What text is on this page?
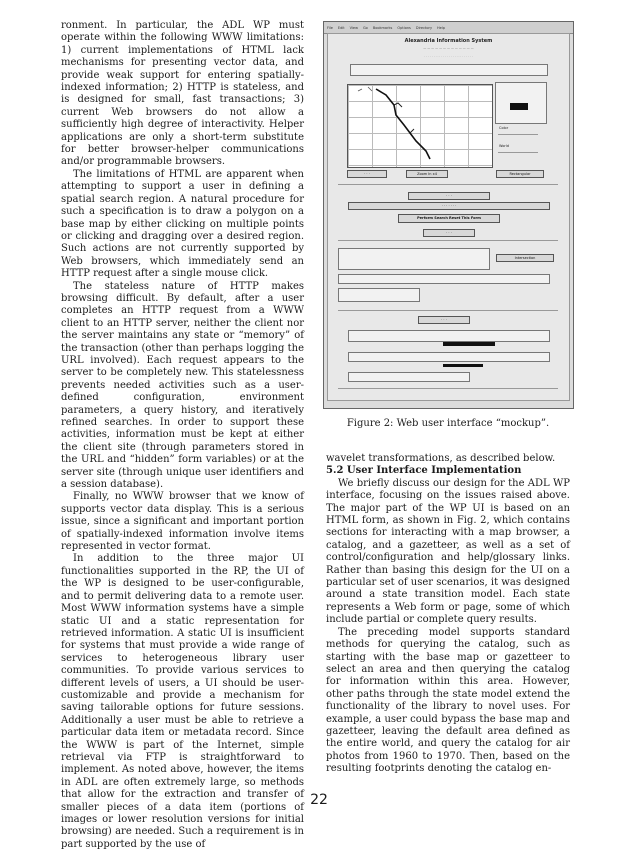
ronment. In particular, the ADL WP must operate within the following WWW limitations: 1) current implementations of HTML lack mechanisms for presenting vector data, and provide weak support for entering spatially-indexed information; 2) HTTP is stateless, and is designed for small, fast transactions; 3) current Web browsers do not allow a sufficiently high degree of interactivity. Helper applications are only a short-term substitute for better browser-helper communications and/or programmable browsers.

The limitations of HTML are apparent when attempting to support a user in defining a spatial search region. A natural procedure for such a specification is to draw a polygon on a base map by either clicking on multiple points or clicking and dragging over a desired region. Such actions are not currently supported by Web browsers, which immediately send an HTTP request after a single mouse click.

The stateless nature of HTTP makes browsing difficult. By default, after a user completes an HTTP request from a WWW client to an HTTP server, neither the client nor the server maintains any state or “memory” of the transaction (other than perhaps logging the URL involved). Each request appears to the server to be completely new. This statelessness prevents needed activities such as a user-defined configuration, environment parameters, a query history, and iteratively refined searches. In order to support these activities, information must be kept at either the client site (through parameters stored in the URL and “hidden” form variables) or at the server site (through unique user identifiers and a session database).

Finally, no WWW browser that we know of supports vector data display. This is a serious issue, since a significant and important portion of spatially-indexed information involve items represented in vector format.

In addition to the three major UI functionalities supported in the RP, the UI of the WP is designed to be user-configurable, and to permit delivering data to a remote user. Most WWW information systems have a simple static UI and a static representation for retrieved information. A static UI is insufficient for systems that must provide a wide range of services to heterogeneous library user communities. To provide various services to different levels of users, a UI should be user-customizable and provide a mechanism for saving tailorable options for future sessions. Additionally a user must be able to retrieve a particular data item or metadata record. Since the WWW is part of the Internet, simple retrieval via FTP is straightforward to implement. As noted above, however, the items in ADL are often extremely large, so methods that allow for the extraction and transfer of smaller pieces of a data item (portions of images or lower resolution versions for initial browsing) are needed. Such a requirement is in part supported by the use of

File Edit View Go Bookmarks Options Directory Help
Alexandria Information System
— — — — — — — — — — — — —
· · · · · · · · · · · · · · · · · · · · · · · · · ·
Color
World
· · ·	Zoom In x4	Rectangular
· · ·
· · · · · · ·
Perform Search Reset This Form
· · ·
Intersection
· · ·
Figure 2: Web user interface “mockup”.

wavelet transformations, as described below.

5.2 User Interface Implementation

We briefly discuss our design for the ADL WP interface, focusing on the issues raised above. The major part of the WP UI is based on an HTML form, as shown in Fig. 2, which contains sections for interacting with a map browser, a catalog, and a gazetteer, as well as a set of control/configuration and help/glossary links. Rather than basing this design for the UI on a particular set of user scenarios, it was designed around a state transition model. Each state represents a Web form or page, some of which include partial or complete query results.

The preceding model supports standard methods for querying the catalog, such as starting with the base map or gazetteer to select an area and then querying the catalog for information within this area. However, other paths through the state model extend the functionality of the library to novel uses. For example, a user could bypass the base map and gazetteer, leaving the default area defined as the entire world, and query the catalog for air photos from 1960 to 1970. Then, based on the resulting footprints denoting the catalog en-

22
